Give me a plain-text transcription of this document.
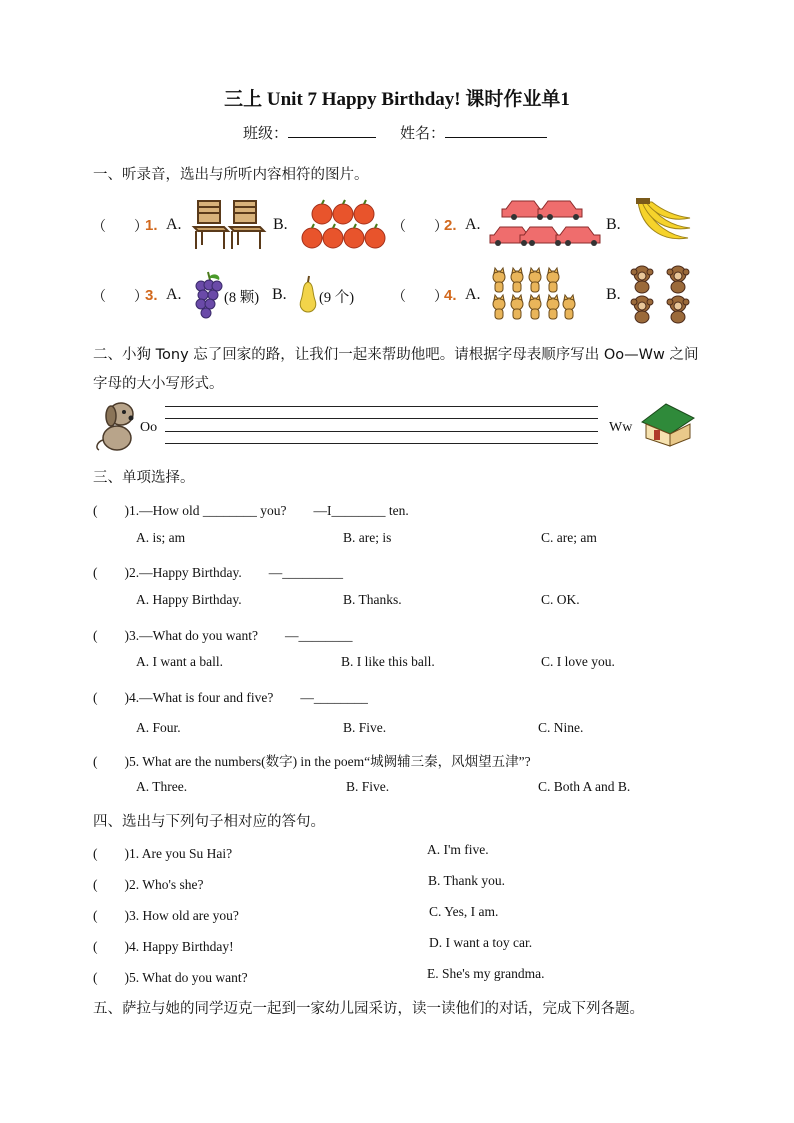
三上 Unit 7 Happy Birthday! 课时作业单1
班级：	姓名：
一、听录音，选出与所听内容相符的图片。
（　　）
1. A.	B.	（　　）
2. A.	B.
（　　）
3. A.	(8 颗) B. (9 个)	（　　）
4. A.	B.
二、小狗 Tony 忘了回家的路，让我们一起来帮助他吧。请根据字母表顺序写出 Oo—Ww 之间
字母的大小写形式。
Oo	Ww
三、单项选择。
(　　)1.—How old ________ you?　　—I________ ten.
A. is; am	B. are; is	C. are; am
(　　)2.—Happy Birthday.　　—_________
A. Happy Birthday.	B. Thanks.	C. OK.
(　　)3.—What do you want?　　—________
A. I want a ball.	B. I like this ball.	C. I love you.
(　　)4.—What is four and five?　　—________
A. Four.	B. Five.	C. Nine.
(　　)5. What are the numbers(数字) in the poem“城阙辅三秦，风烟望五津”?
A. Three.	B. Five.	C. Both A and B.
四、选出与下列句子相对应的答句。
(　　)1. Are you Su Hai?	A. I'm five.
(　　)2. Who's she?	B. Thank you.
(　　)3. How old are you?	C. Yes, I am.
(　　)4. Happy Birthday!	D. I want a toy car.
(　　)5. What do you want?	E. She's my grandma.
五、萨拉与她的同学迈克一起到一家幼儿园采访，读一读他们的对话，完成下列各题。
